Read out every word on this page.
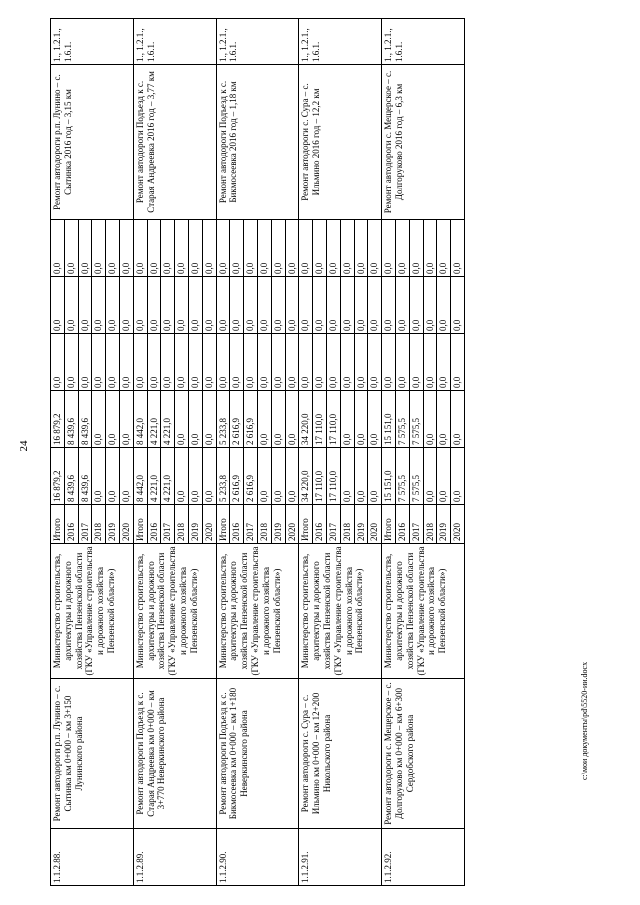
24
1.1.2.88.	Ремонт автодороги р.п. Лунино – с. Сытинка км 0+000 – км 3+150 Лунинского района	Министерство строительства, архитектуры и дорожного хозяйства Пензенской области (ГКУ «Управление строительства и дорожного хозяйства Пензенской области»)	Итого	16 879,2	16 879,2	0,0	0,0	0,0	Ремонт автодороги р.п. Лунино – с. Сытинка 2016 год – 3,15 км	1., 1.2.1., 1.6.1.
			2016	8 439,6	8 439,6	0,0	0,0	0,0		
			2017	8 439,6	8 439,6	0,0	0,0	0,0		
			2018	0,0	0,0	0,0	0,0	0,0		
			2019	0,0	0,0	0,0	0,0	0,0		
			2020	0,0	0,0	0,0	0,0	0,0		
1.1.2.89.	Ремонт автодороги Подъезд к с. Старая Андреевка км 0+000 – км 3+770 Неверкинского района	Министерство строительства, архитектуры и дорожного хозяйства Пензенской области (ГКУ «Управление строительства и дорожного хозяйства Пензенской области»)	Итого	8 442,0	8 442,0	0,0	0,0	0,0	Ремонт автодороги Подъезд к с. Старая Андреевка 2016 год – 3,77 км	1., 1.2.1., 1.6.1.
			2016	4 221,0	4 221,0	0,0	0,0	0,0		
			2017	4 221,0	4 221,0	0,0	0,0	0,0		
			2018	0,0	0,0	0,0	0,0	0,0		
			2019	0,0	0,0	0,0	0,0	0,0		
			2020	0,0	0,0	0,0	0,0	0,0		
1.1.2.90.	Ремонт автодороги Подъезд к с. Бикмосеевка км 0+000 – км 1+180 Неверкинского района	Министерство строительства, архитектуры и дорожного хозяйства Пензенской области (ГКУ «Управление строительства и дорожного хозяйства Пензенской области»)	Итого	5 233,8	5 233,8	0,0	0,0	0,0	Ремонт автодороги Подъезд к с. Бикмосеевка 2016 год – 1,18 км	1., 1.2.1., 1.6.1.
			2016	2 616,9	2 616,9	0,0	0,0	0,0		
			2017	2 616,9	2 616,9	0,0	0,0	0,0		
			2018	0,0	0,0	0,0	0,0	0,0		
			2019	0,0	0,0	0,0	0,0	0,0		
			2020	0,0	0,0	0,0	0,0	0,0		
1.1.2.91.	Ремонт автодороги с. Сура – с. Ильмино км 0+000 – км 12+200 Никольского района	Министерство строительства, архитектуры и дорожного хозяйства Пензенской области (ГКУ «Управление строительства и дорожного хозяйства Пензенской области»)	Итого	34 220,0	34 220,0	0,0	0,0	0,0	Ремонт автодороги с. Сура – с. Ильмино 2016 год – 12,2 км	1., 1.2.1., 1.6.1.
			2016	17 110,0	17 110,0	0,0	0,0	0,0		
			2017	17 110,0	17 110,0	0,0	0,0	0,0		
			2018	0,0	0,0	0,0	0,0	0,0		
			2019	0,0	0,0	0,0	0,0	0,0		
			2020	0,0	0,0	0,0	0,0	0,0		
1.1.2.92.	Ремонт автодороги с. Мещерское – с. Долгоруково км 0+000 – км 6+300 Сердобского района	Министерство строительства, архитектуры и дорожного хозяйства Пензенской области (ГКУ «Управление строительства и дорожного хозяйства Пензенской области»)	Итого	15 151,0	15 151,0	0,0	0,0	0,0	Ремонт автодороги с. Мещерское – с. Долгоруково 2016 год – 6,3 км	1., 1.2.1., 1.6.1.
			2016	7 575,5	7 575,5	0,0	0,0	0,0		
			2017	7 575,5	7 575,5	0,0	0,0	0,0		
			2018	0,0	0,0	0,0	0,0	0,0		
			2019	0,0	0,0	0,0	0,0	0,0		
			2020	0,0	0,0	0,0	0,0	0,0		
c:\мои документы\pd\5520-ии.docx
